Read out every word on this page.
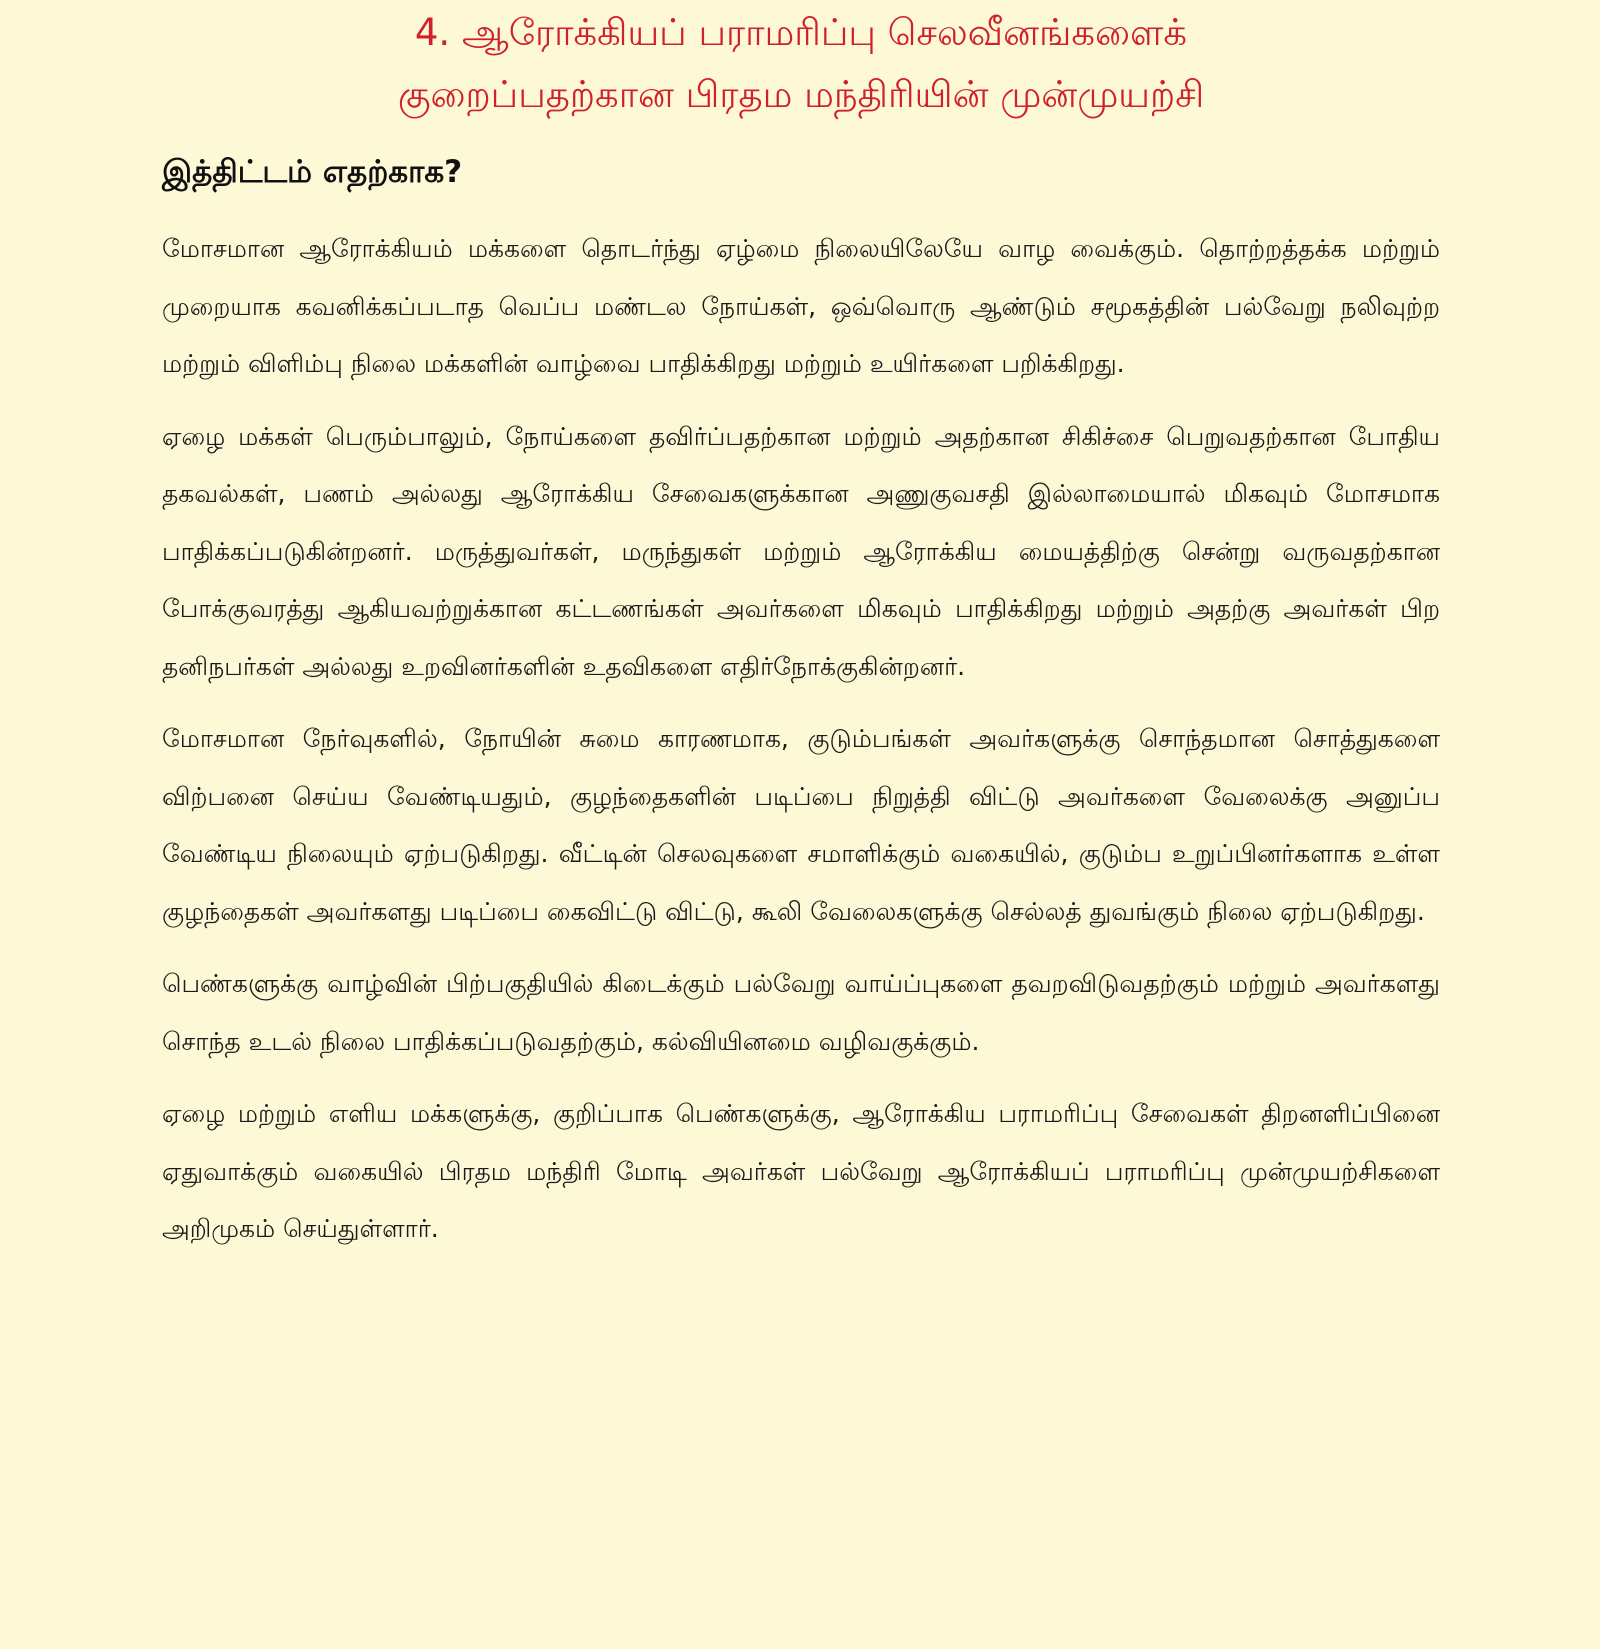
4. ஆரோக்கியப் பராமரிப்பு செலவீனங்களைக்
குறைப்பதற்கான பிரதம மந்திரியின் முன்முயற்சி
இத்திட்டம் எதற்காக?

மோசமான ஆரோக்கியம் மக்களை தொடர்ந்து ஏழ்மை நிலையிலேயே வாழ வைக்கும். தொற்றத்தக்க மற்றும் முறையாக கவனிக்கப்படாத வெப்ப மண்டல நோய்கள், ஒவ்வொரு ஆண்டும் சமூகத்தின் பல்வேறு நலிவுற்ற மற்றும் விளிம்பு நிலை மக்களின் வாழ்வை பாதிக்கிறது மற்றும் உயிர்களை பறிக்கிறது.

ஏழை மக்கள் பெரும்பாலும், நோய்களை தவிர்ப்பதற்கான மற்றும் அதற்கான சிகிச்சை பெறுவதற்கான போதிய தகவல்கள், பணம் அல்லது ஆரோக்கிய சேவைகளுக்கான அணுகுவசதி இல்லாமையால் மிகவும் மோசமாக பாதிக்கப்படுகின்றனர். மருத்துவர்கள், மருந்துகள் மற்றும் ஆரோக்கிய மையத்திற்கு சென்று வருவதற்கான போக்குவரத்து ஆகியவற்றுக்கான கட்டணங்கள் அவர்களை மிகவும் பாதிக்கிறது மற்றும் அதற்கு அவர்கள் பிற தனிநபர்கள் அல்லது உறவினர்களின் உதவிகளை எதிர்நோக்குகின்றனர்.

மோசமான நேர்வுகளில், நோயின் சுமை காரணமாக, குடும்பங்கள் அவர்களுக்கு சொந்தமான சொத்துகளை விற்பனை செய்ய வேண்டியதும், குழந்தைகளின் படிப்பை நிறுத்தி விட்டு அவர்களை வேலைக்கு அனுப்ப வேண்டிய நிலையும் ஏற்படுகிறது. வீட்டின் செலவுகளை சமாளிக்கும் வகையில், குடும்ப உறுப்பினர்களாக உள்ள குழந்தைகள் அவர்களது படிப்பை கைவிட்டு விட்டு, கூலி வேலைகளுக்கு செல்லத் துவங்கும் நிலை ஏற்படுகிறது.

பெண்களுக்கு வாழ்வின் பிற்பகுதியில் கிடைக்கும் பல்வேறு வாய்ப்புகளை தவறவிடுவதற்கும் மற்றும் அவர்களது சொந்த உடல் நிலை பாதிக்கப்படுவதற்கும், கல்வியினமை வழிவகுக்கும்.

ஏழை மற்றும் எளிய மக்களுக்கு, குறிப்பாக பெண்களுக்கு, ஆரோக்கிய பராமரிப்பு சேவைகள் திறனளிப்பினை ஏதுவாக்கும் வகையில் பிரதம மந்திரி மோடி அவர்கள் பல்வேறு ஆரோக்கியப் பராமரிப்பு முன்முயற்சிகளை அறிமுகம் செய்துள்ளார்.
